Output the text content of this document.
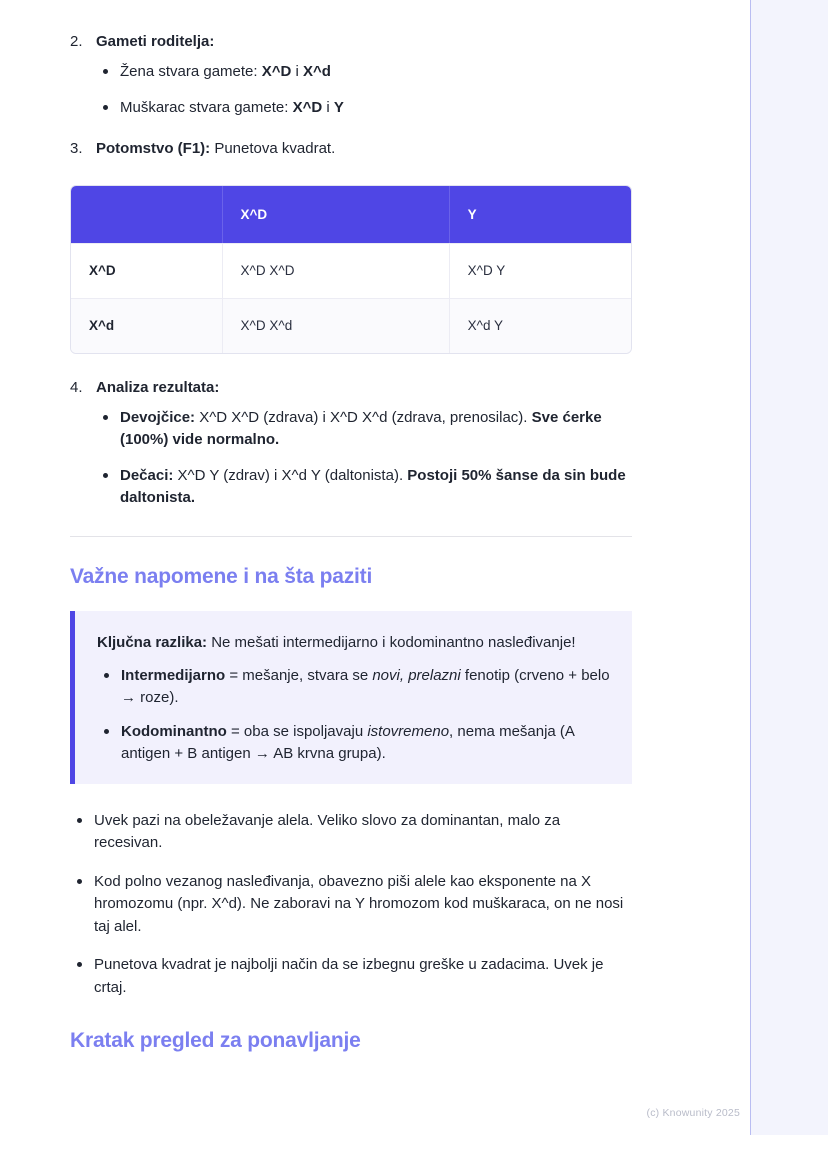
2. Gameti roditelja:
Žena stvara gamete: X^D i X^d
Muškarac stvara gamete: X^D i Y
3. Potomstvo (F1): Punetova kvadrat.
	X^D	Y
X^D	X^D X^D	X^D Y
X^d	X^D X^d	X^d Y
4. Analiza rezultata:
Devojčice: X^D X^D (zdrava) i X^D X^d (zdrava, prenosilac). Sve ćerke (100%) vide normalno.
Dečaci: X^D Y (zdrav) i X^d Y (daltonista). Postoji 50% šanse da sin bude daltonista.
Važne napomene i na šta paziti

Ključna razlika: Ne mešati intermedijarno i kodominantno nasleđivanje!

Intermedijarno = mešanje, stvara se novi, prelazni fenotip (crveno + belo → roze).
Kodominantno = oba se ispoljavaju istovremeno, nema mešanja (A antigen + B antigen → AB krvna grupa).
Uvek pazi na obeležavanje alela. Veliko slovo za dominantan, malo za recesivan.
Kod polno vezanog nasleđivanja, obavezno piši alele kao eksponente na X hromozomu (npr. X^d). Ne zaboravi na Y hromozom kod muškaraca, on ne nosi taj alel.
Punetova kvadrat je najbolji način da se izbegnu greške u zadacima. Uvek je crtaj.
Kratak pregled za ponavljanje
(c) Knowunity 2025
